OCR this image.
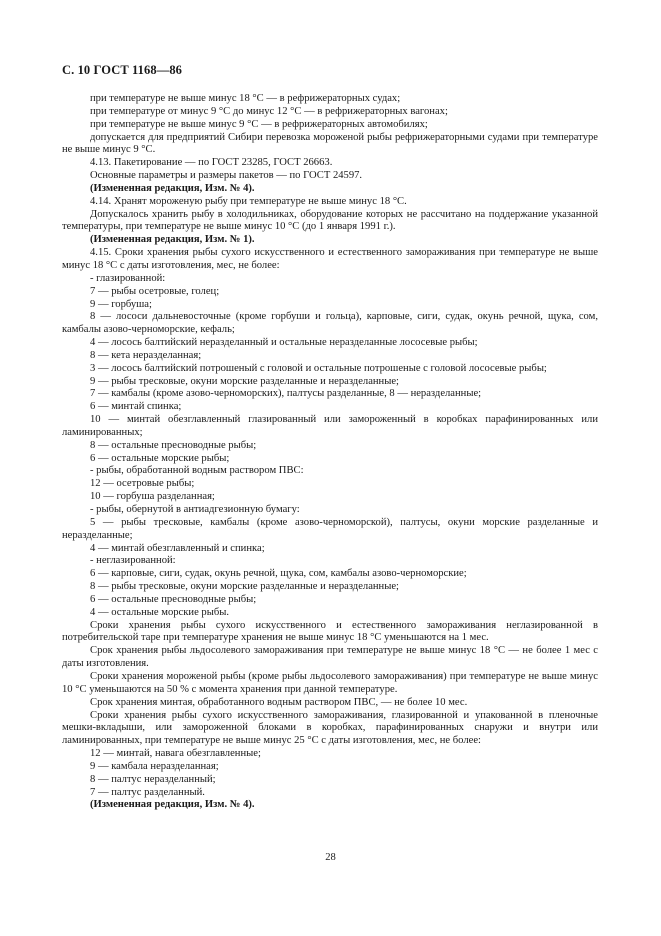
С. 10 ГОСТ 1168—86

при температуре не выше минус 18 °С — в рефрижераторных судах;

при температуре от минус 9 °С до минус 12 °С — в рефрижераторных вагонах;

при температуре не выше минус 9 °С — в рефрижераторных автомобилях;

допускается для предприятий Сибири перевозка мороженой рыбы рефрижераторными судами при температуре не выше минус 9 °С.

4.13. Пакетирование — по ГОСТ 23285, ГОСТ 26663.

Основные параметры и размеры пакетов — по ГОСТ 24597.

(Измененная редакция, Изм. № 4).

4.14. Хранят мороженую рыбу при температуре не выше минус 18 °С.

Допускалось хранить рыбу в холодильниках, оборудование которых не рассчитано на поддержание указанной температуры, при температуре не выше минус 10 °С (до 1 января 1991 г.).

(Измененная редакция, Изм. № 1).

4.15. Сроки хранения рыбы сухого искусственного и естественного замораживания при температуре не выше минус 18 °С с даты изготовления, мес, не более:

- глазированной:

7 — рыбы осетровые, голец;

9 — горбуша;

8 — лососи дальневосточные (кроме горбуши и гольца), карповые, сиги, судак, окунь речной, щука, сом, камбалы азово-черноморские, кефаль;

4 — лосось балтийский неразделанный и остальные неразделанные лососевые рыбы;

8 — кета неразделанная;

3 — лосось балтийский потрошеный с головой и остальные потрошеные с головой лососевые рыбы;

9 — рыбы тресковые, окуни морские разделанные и неразделанные;

7 — камбалы (кроме азово-черноморских), палтусы разделанные, 8 — неразделанные;

6 — минтай спинка;

10 — минтай обезглавленный глазированный или замороженный в коробках парафинированных или ламинированных;

8 — остальные пресноводные рыбы;

6 — остальные морские рыбы;

- рыбы, обработанной водным раствором ПВС:

12 — осетровые рыбы;

10 — горбуша разделанная;

- рыбы, обернутой в антиадгезионную бумагу:

5 — рыбы тресковые, камбалы (кроме азово-черноморской), палтусы, окуни морские разделанные и неразделанные;

4 — минтай обезглавленный и спинка;

- неглазированной:

6 — карповые, сиги, судак, окунь речной, щука, сом, камбалы азово-черноморские;

8 — рыбы тресковые, окуни морские разделанные и неразделанные;

6 — остальные пресноводные рыбы;

4 — остальные морские рыбы.

Сроки хранения рыбы сухого искусственного и естественного замораживания неглазированной в потребительской таре при температуре хранения не выше минус 18 °С уменьшаются на 1 мес.

Срок хранения рыбы льдосолевого замораживания при температуре не выше минус 18 °С — не более 1 мес с даты изготовления.

Сроки хранения мороженой рыбы (кроме рыбы льдосолевого замораживания) при температуре не выше минус 10 °С уменьшаются на 50 % с момента хранения при данной температуре.

Срок хранения минтая, обработанного водным раствором ПВС, — не более 10 мес.

Сроки хранения рыбы сухого искусственного замораживания, глазированной и упакованной в пленочные мешки-вкладыши, или замороженной блоками в коробках, парафинированных снаружи и внутри или ламинированных, при температуре не выше минус 25 °С с даты изготовления, мес, не более:

12 — минтай, навага обезглавленные;

9 — камбала неразделанная;

8 — палтус неразделанный;

7 — палтус разделанный.

(Измененная редакция, Изм. № 4).

28
